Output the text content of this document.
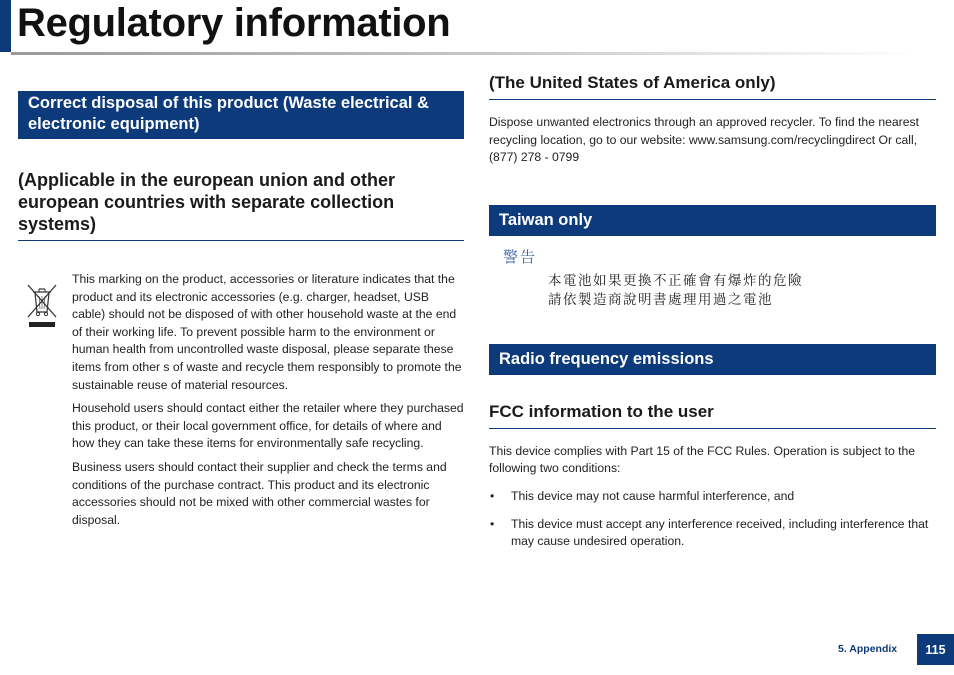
Regulatory information
Correct disposal of this product (Waste electrical & electronic equipment)
(Applicable in the european union and other european countries with separate collection systems)

This marking on the product, accessories or literature indicates that the product and its electronic accessories (e.g. charger, headset, USB cable) should not be disposed of with other household waste at the end of their working life. To prevent possible harm to the environment or human health from uncontrolled waste disposal, please separate these items from other s of waste and recycle them responsibly to promote the sustainable reuse of material resources.

Household users should contact either the retailer where they purchased this product, or their local government office, for details of where and how they can take these items for environmentally safe recycling.

Business users should contact their supplier and check the terms and conditions of the purchase contract. This product and its electronic accessories should not be mixed with other commercial wastes for disposal.

(The United States of America only)

Dispose unwanted electronics through an approved recycler. To find the nearest recycling location, go to our website: www.samsung.com/recyclingdirect Or call, (877) 278 - 0799

Taiwan only
警告
本電池如果更換不正確會有爆炸的危險
請依製造商說明書處理用過之電池
Radio frequency emissions
FCC information to the user

This device complies with Part 15 of the FCC Rules. Operation is subject to the following two conditions:

• This device may not cause harmful interference, and
• This device must accept any interference received, including interference that may cause undesired operation.
5. Appendix	115
